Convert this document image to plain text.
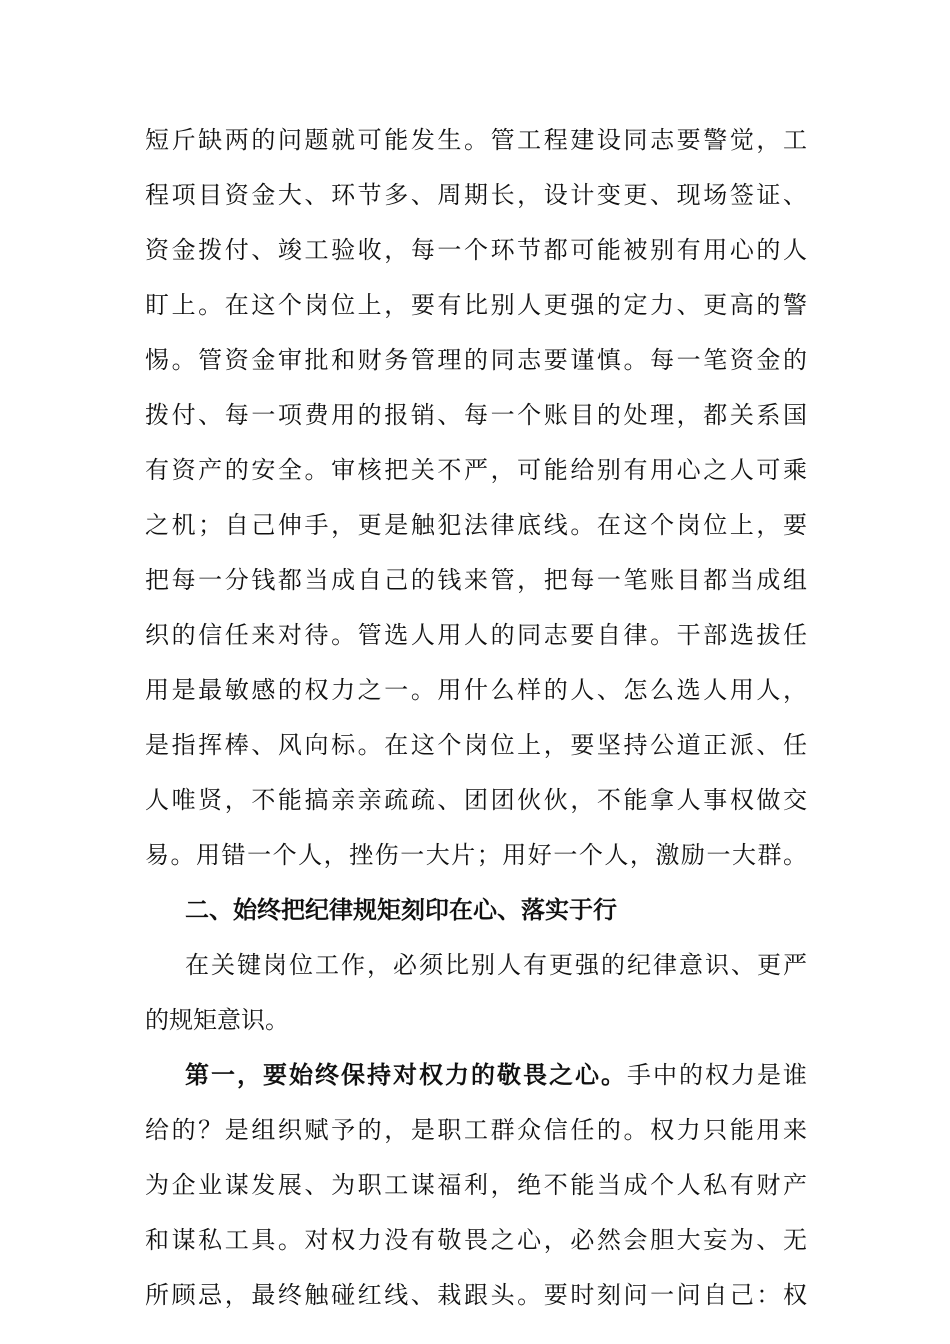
短斤缺两的问题就可能发生。管工程建设同志要警觉，工
程项目资金大、环节多、周期长，设计变更、现场签证、
资金拨付、竣工验收，每一个环节都可能被别有用心的人
盯上。在这个岗位上，要有比别人更强的定力、更高的警
惕。管资金审批和财务管理的同志要谨慎。每一笔资金的
拨付、每一项费用的报销、每一个账目的处理，都关系国
有资产的安全。审核把关不严，可能给别有用心之人可乘
之机；自己伸手，更是触犯法律底线。在这个岗位上，要
把每一分钱都当成自己的钱来管，把每一笔账目都当成组
织的信任来对待。管选人用人的同志要自律。干部选拔任
用是最敏感的权力之一。用什么样的人、怎么选人用人，
是指挥棒、风向标。在这个岗位上，要坚持公道正派、任
人唯贤，不能搞亲亲疏疏、团团伙伙，不能拿人事权做交
易。用错一个人，挫伤一大片；用好一个人，激励一大群。
二、始终把纪律规矩刻印在心、落实于行
在关键岗位工作，必须比别人有更强的纪律意识、更严
的规矩意识。
第一，要始终保持对权力的敬畏之心。手中的权力是谁
给的？是组织赋予的，是职工群众信任的。权力只能用来
为企业谋发展、为职工谋福利，绝不能当成个人私有财产
和谋私工具。对权力没有敬畏之心，必然会胆大妄为、无
所顾忌，最终触碰红线、栽跟头。要时刻问一问自己：权
